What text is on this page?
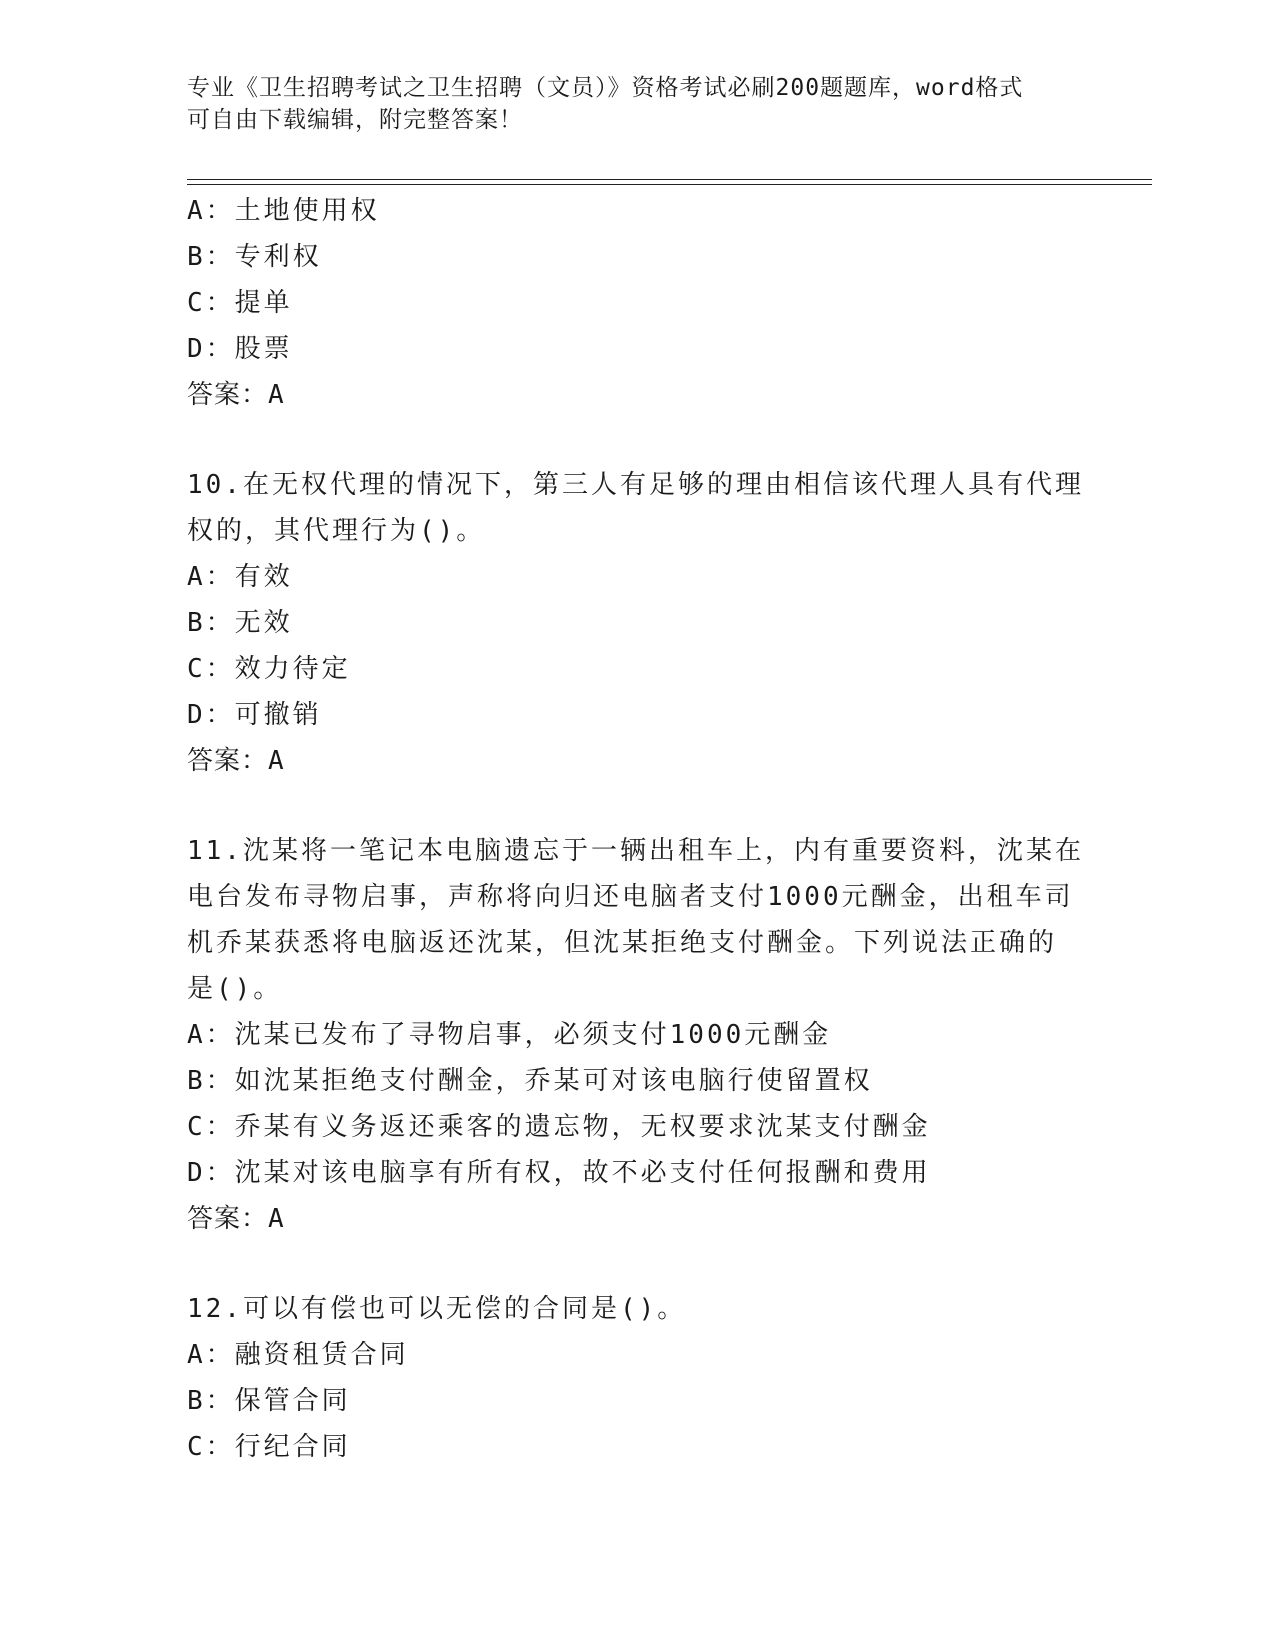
专业《卫生招聘考试之卫生招聘（文员）》资格考试必刷200题题库，word格式
可自由下载编辑，附完整答案！
A：土地使用权
B：专利权
C：提单
D：股票
答案：A
10.在无权代理的情况下，第三人有足够的理由相信该代理人具有代理
权的，其代理行为()。
A：有效
B：无效
C：效力待定
D：可撤销
答案：A
11.沈某将一笔记本电脑遗忘于一辆出租车上，内有重要资料，沈某在
电台发布寻物启事，声称将向归还电脑者支付1000元酬金，出租车司
机乔某获悉将电脑返还沈某，但沈某拒绝支付酬金。下列说法正确的
是()。
A：沈某已发布了寻物启事，必须支付1000元酬金
B：如沈某拒绝支付酬金，乔某可对该电脑行使留置权
C：乔某有义务返还乘客的遗忘物，无权要求沈某支付酬金
D：沈某对该电脑享有所有权，故不必支付任何报酬和费用
答案：A
12.可以有偿也可以无偿的合同是()。
A：融资租赁合同
B：保管合同
C：行纪合同
